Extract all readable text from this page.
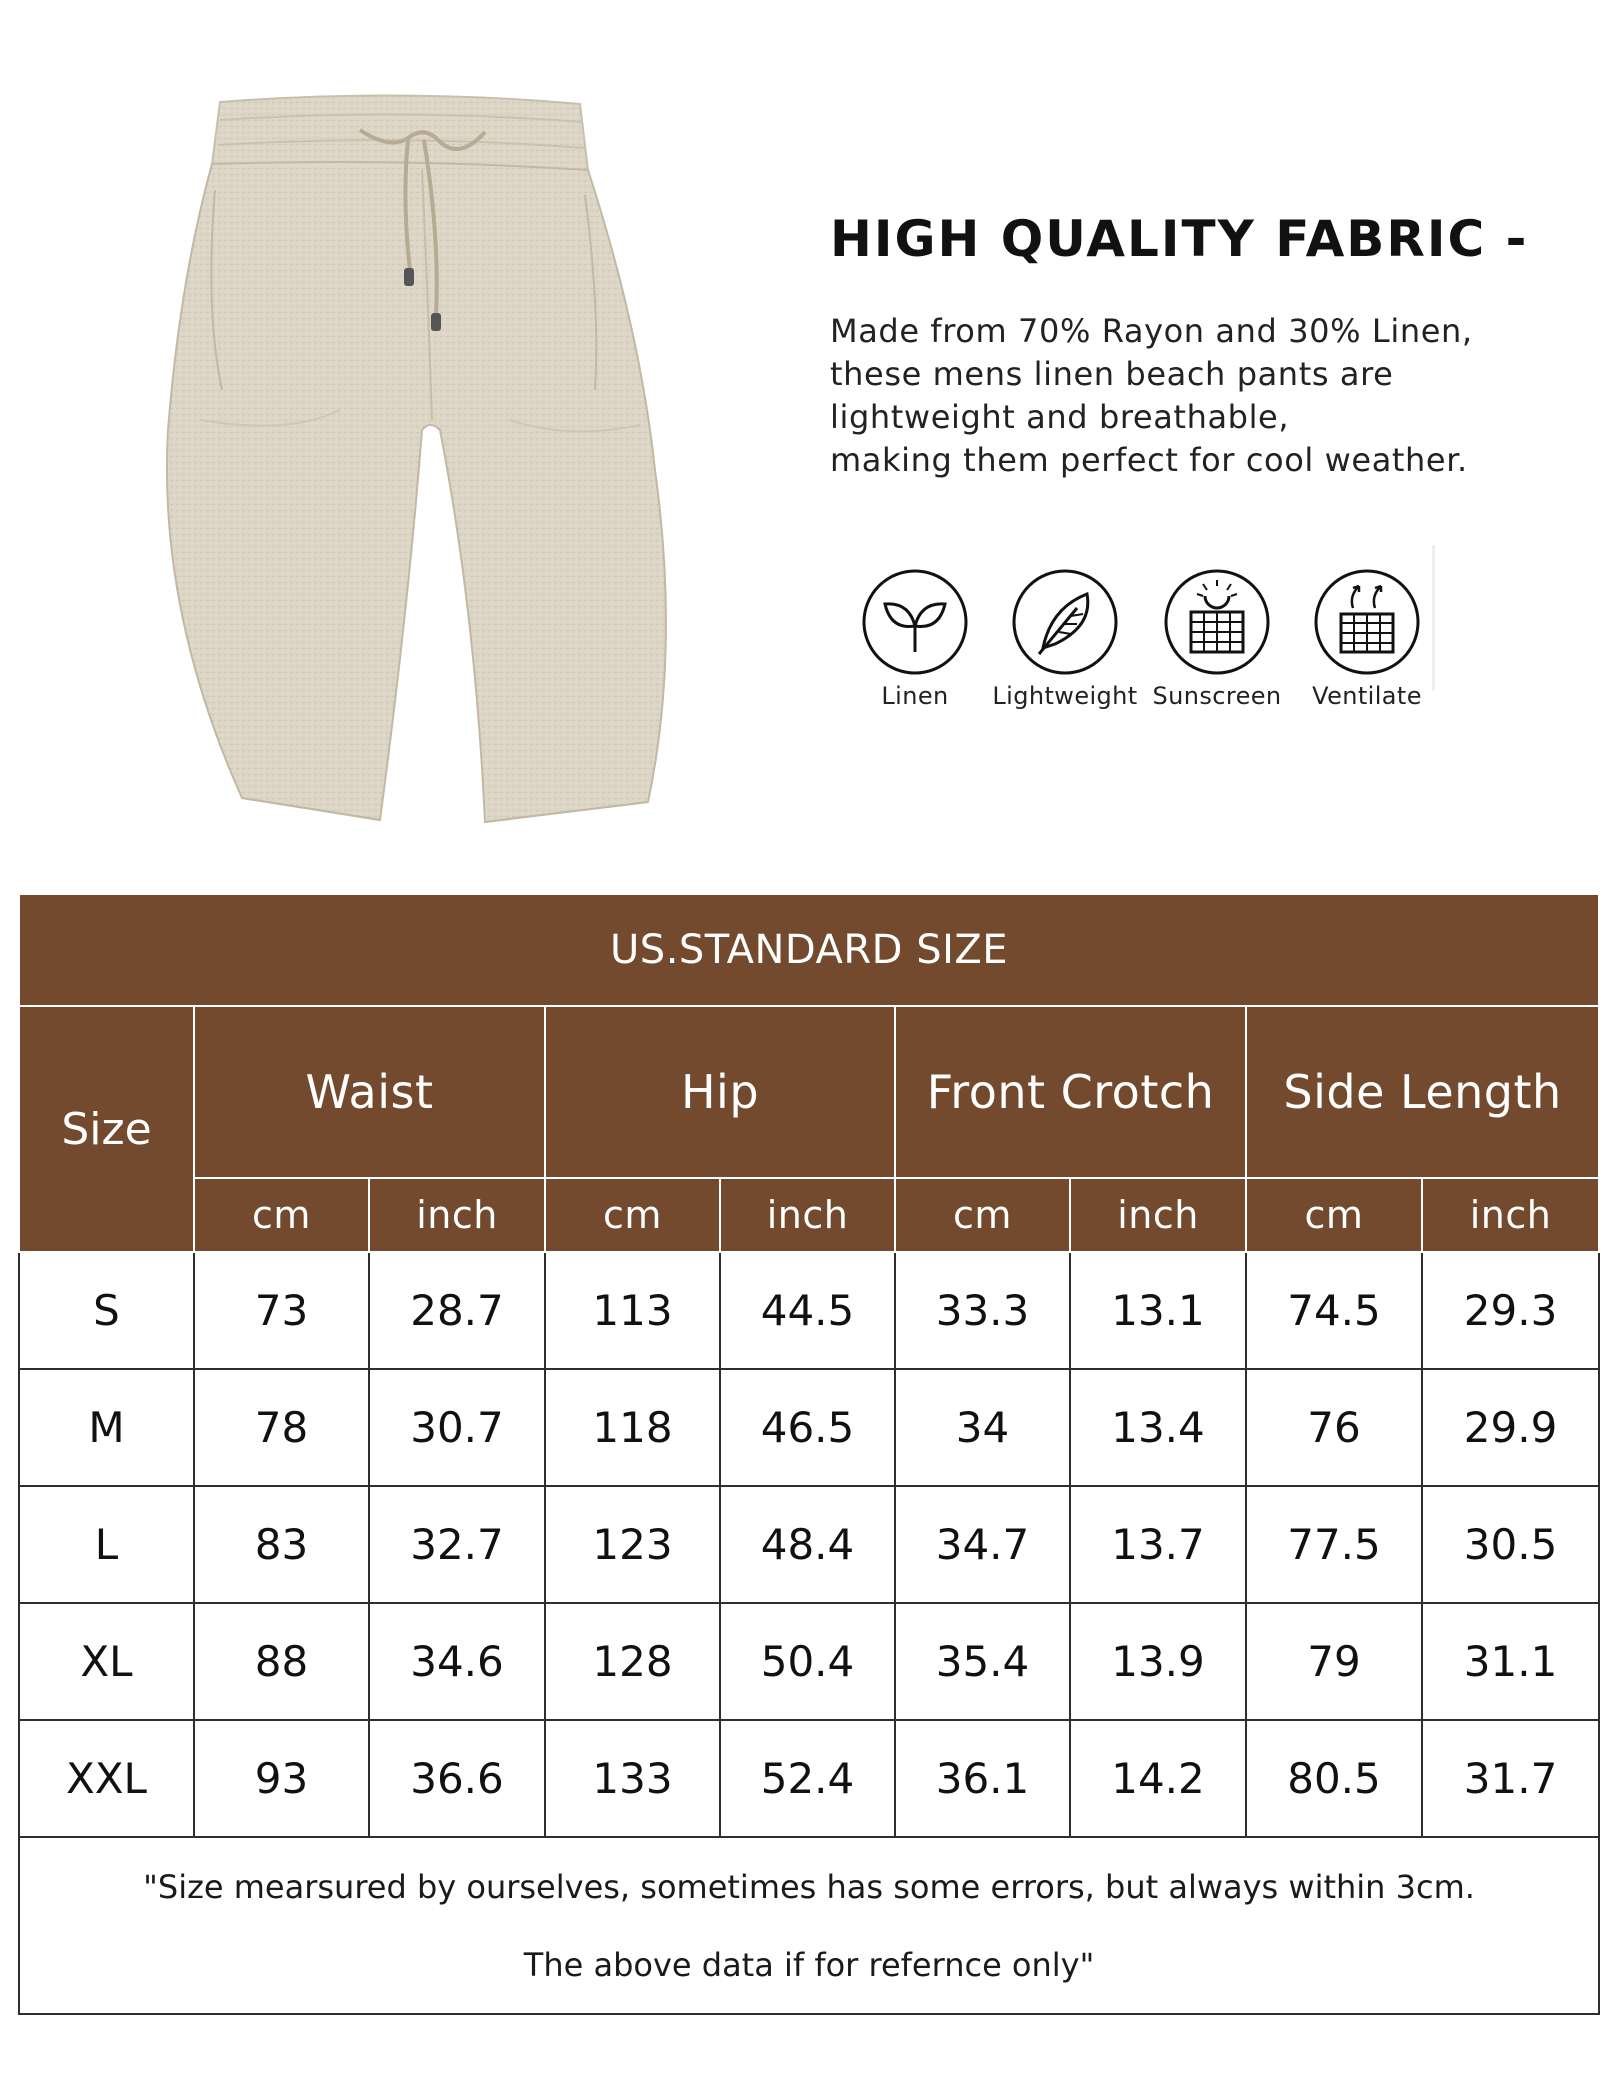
HIGH QUALITY FABRIC -
Made from 70% Rayon and 30% Linen,
these mens linen beach pants are
lightweight and breathable,
making them perfect for cool weather.
Linen	Lightweight Sunscreen	Ventilate
US.STANDARD SIZE								
Size	Waist		Hip		Front Crotch		Side Length	
	cm	inch	cm	inch	cm	inch	cm	inch
S	73	28.7	113	44.5	33.3	13.1	74.5	29.3
M	78	30.7	118	46.5	34	13.4	76	29.9
L	83	32.7	123	48.4	34.7	13.7	77.5	30.5
XL	88	34.6	128	50.4	35.4	13.9	79	31.1
XXL	93	36.6	133	52.4	36.1	14.2	80.5	31.7

"Size mearsured by ourselves, sometimes has some errors, but always within 3cm.
The above data if for refernce only"								
